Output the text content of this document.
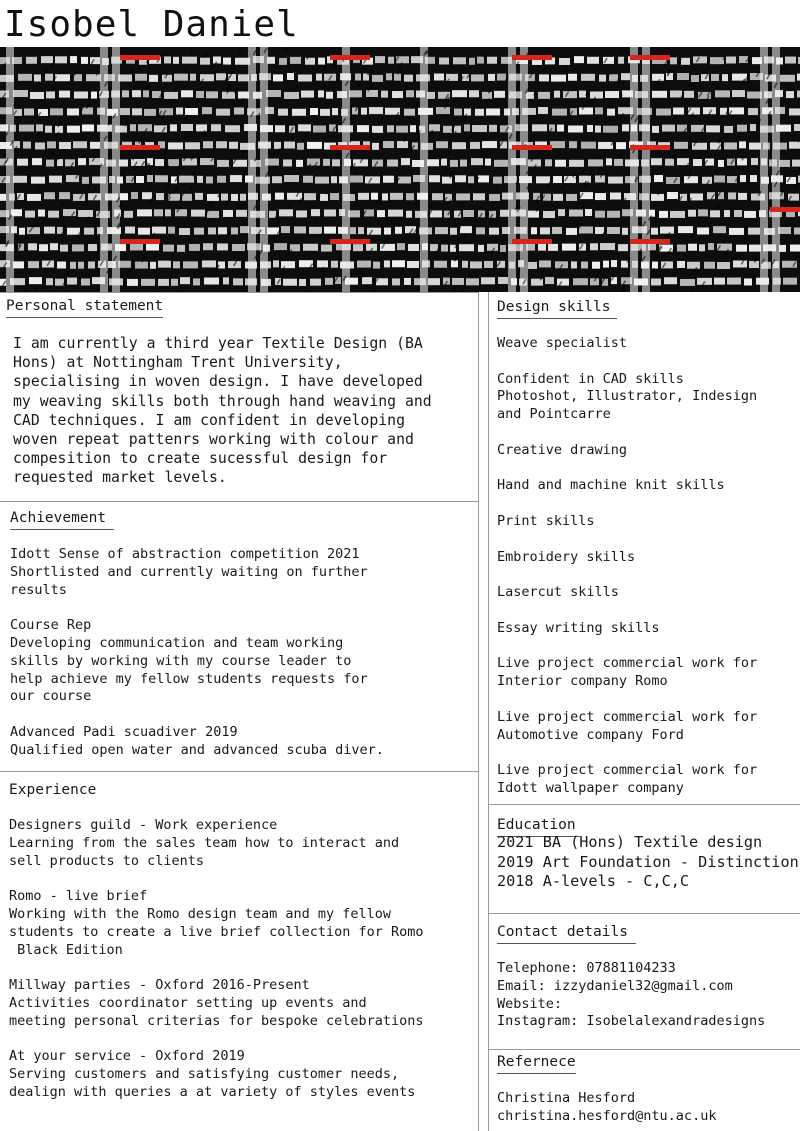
Isobel Daniel
Personal statement
I am currently a third year Textile Design (BA
Hons) at Nottingham Trent University,
specialising in woven design. I have developed
my weaving skills both through hand weaving and
CAD techniques. I am confident in developing
woven repeat pattenrs working with colour and
compesition to create sucessful design for
requested market levels.
Achievement
Idott Sense of abstraction competition 2021
Shortlisted and currently waiting on further
results
Course Rep
Developing communication and team working
skills by working with my course leader to
help achieve my fellow students requests for
our course
Advanced Padi scuadiver 2019
Qualified open water and advanced scuba diver.
Experience
Designers guild - Work experience
Learning from the sales team how to interact and
sell products to clients
Romo - live brief
Working with the Romo design team and my fellow
students to create a live brief collection for Romo
Black Edition
Millway parties - Oxford 2016-Present
Activities coordinator setting up events and
meeting personal criterias for bespoke celebrations
At your service - Oxford 2019
Serving customers and satisfying customer needs,
dealign with queries a at variety of styles events
Design skills
Weave specialist
Confident in CAD skills
Photoshot, Illustrator, Indesign
and Pointcarre
Creative drawing
Hand and machine knit skills
Print skills
Embroidery skills
Lasercut skills
Essay writing skills
Live project commercial work for
Interior company Romo
Live project commercial work for
Automotive company Ford
Live project commercial work for
Idott wallpaper company
Education
2021 BA (Hons) Textile design
2019 Art Foundation - Distinction
2018 A-levels - C,C,C
Contact details
Telephone: 07881104233
Email: izzydaniel32@gmail.com
Website:
Instagram: Isobelalexandradesigns
Refernece
Christina Hesford
christina.hesford@ntu.ac.uk
